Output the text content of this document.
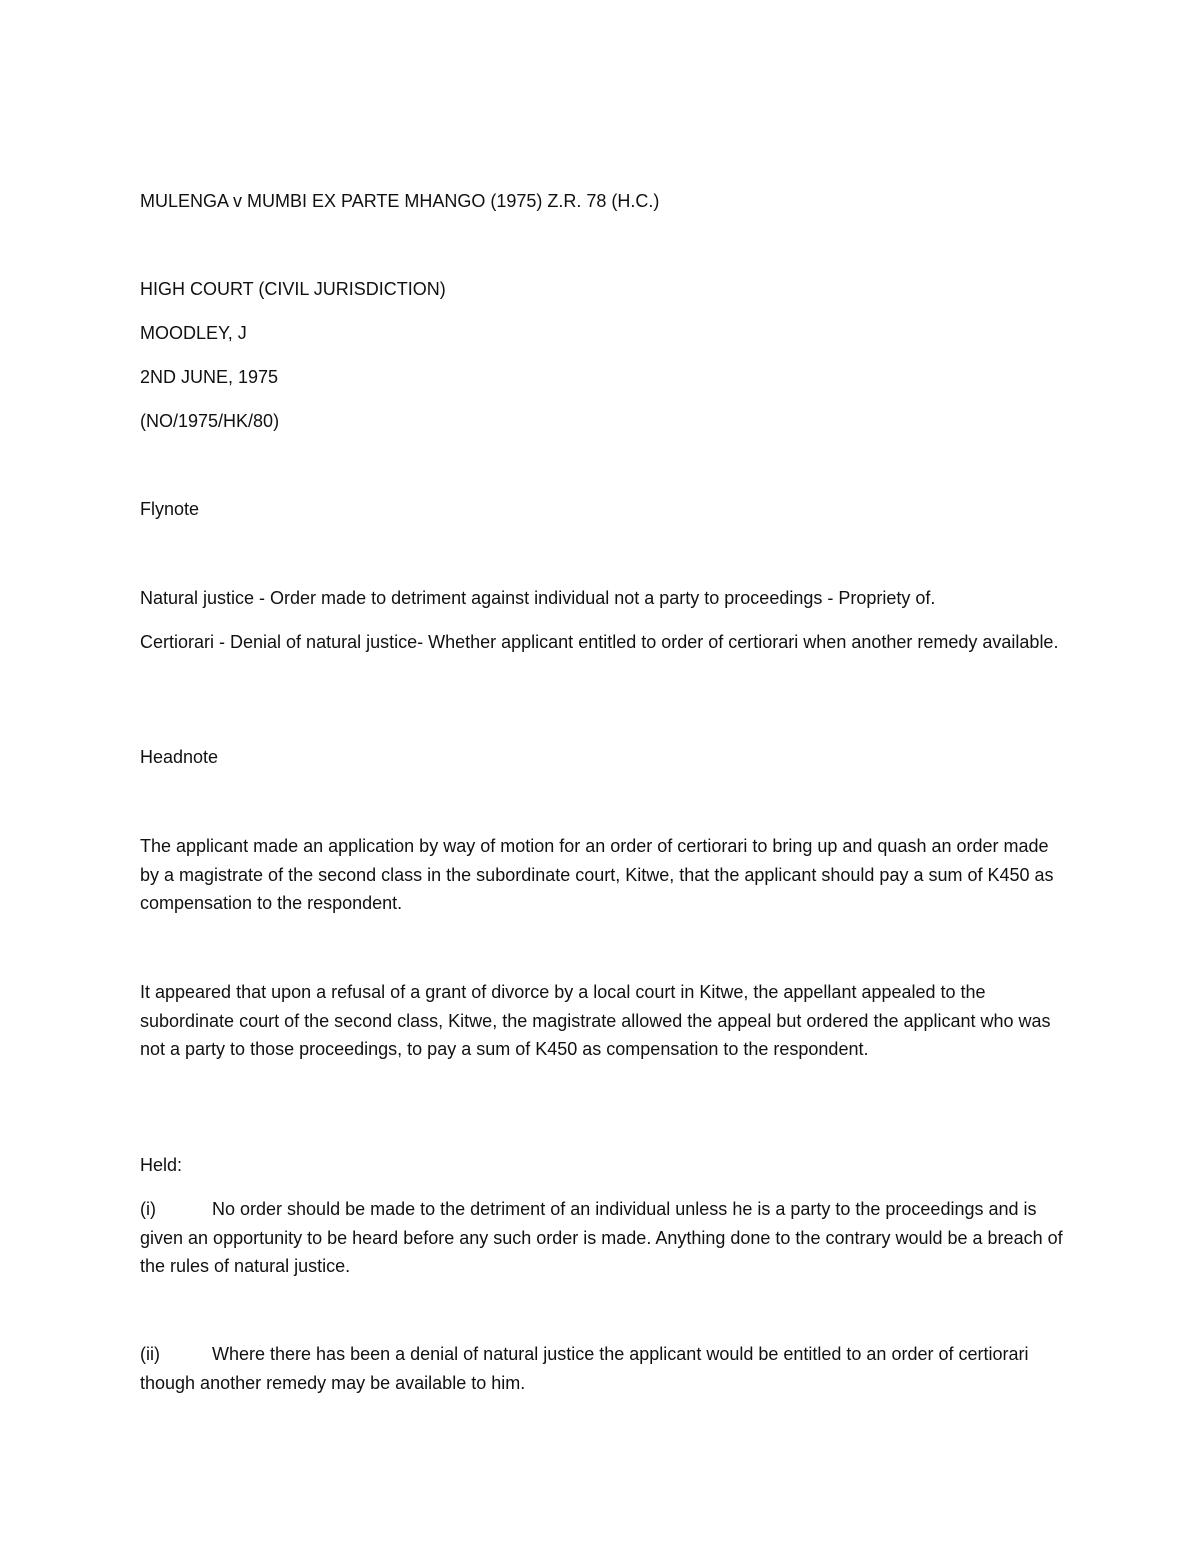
MULENGA v MUMBI EX PARTE MHANGO (1975) Z.R. 78 (H.C.)

HIGH COURT (CIVIL JURISDICTION)

MOODLEY, J

2ND JUNE, 1975

(NO/1975/HK/80)

Flynote

Natural justice - Order made to detriment against individual not a party to proceedings - Propriety of.

Certiorari - Denial of natural justice- Whether applicant entitled to order of certiorari when another remedy available.

Headnote

The applicant made an application by way of motion for an order of certiorari to bring up and quash an order made by a magistrate of the second class in the subordinate court, Kitwe, that the applicant should pay a sum of K450 as compensation to the respondent.

It appeared that upon a refusal of a grant of divorce by a local court in Kitwe, the appellant appealed to the subordinate court of the second class, Kitwe, the magistrate allowed the appeal but ordered the applicant who was not a party to those proceedings, to pay a sum of K450 as compensation to the respondent.

Held:

(i)	No order should be made to the detriment of an individual unless he is a party to the proceedings and is given an opportunity to be heard before any such order is made. Anything done to the contrary would be a breach of the rules of natural justice.

(ii)	Where there has been a denial of natural justice the applicant would be entitled to an order of certiorari though another remedy may be available to him.
